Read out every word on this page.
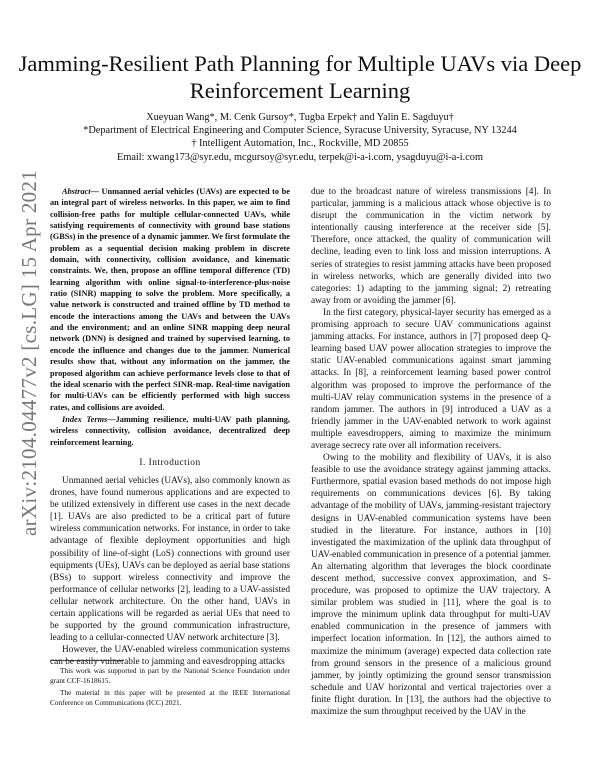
Jamming-Resilient Path Planning for Multiple UAVs via Deep Reinforcement Learning
Xueyuan Wang*, M. Cenk Gursoy*, Tugba Erpek† and Yalin E. Sagduyu†
*Department of Electrical Engineering and Computer Science, Syracuse University, Syracuse, NY 13244
† Intelligent Automation, Inc., Rockville, MD 20855
Email: xwang173@syr.edu, mcgursoy@syr.edu, terpek@i-a-i.com, ysagduyu@i-a-i.com
arXiv:2104.04477v2 [cs.LG] 15 Apr 2021	Abstract— Unmanned aerial vehicles (UAVs) are expected to be an integral part of wireless networks. In this paper, we aim to find collision-free paths for multiple cellular-connected UAVs, while satisfying requirements of connectivity with ground base stations (GBSs) in the presence of a dynamic jammer. We first formulate the problem as a sequential decision making problem in discrete domain, with connectivity, collision avoidance, and kinematic constraints. We, then, propose an offline temporal difference (TD) learning algorithm with online signal-to-interference-plus-noise ratio (SINR) mapping to solve the problem. More specifically, a value network is constructed and trained offline by TD method to encode the interactions among the UAVs and between the UAVs and the environment; and an online SINR mapping deep neural network (DNN) is designed and trained by supervised learning, to encode the influence and changes due to the jammer. Numerical results show that, without any information on the jammer, the proposed algorithm can achieve performance levels close to that of the ideal scenario with the perfect SINR-map. Real-time navigation for multi-UAVs can be efficiently performed with high success rates, and collisions are avoided.

Index Terms—Jamming resilience, multi-UAV path planning, wireless connectivity, collision avoidance, decentralized deep reinforcement learning.

I. Introduction

Unmanned aerial vehicles (UAVs), also commonly known as drones, have found numerous applications and are expected to be utilized extensively in different use cases in the next decade [1]. UAVs are also predicted to be a critical part of future wireless communication networks. For instance, in order to take advantage of flexible deployment opportunities and high possibility of line-of-sight (LoS) connections with ground user equipments (UEs), UAVs can be deployed as aerial base stations (BSs) to support wireless connectivity and improve the performance of cellular networks [2], leading to a UAV-assisted cellular network architecture. On the other hand, UAVs in certain applications will be regarded as aerial UEs that need to be supported by the ground communication infrastructure, leading to a cellular-connected UAV network architecture [3].

However, the UAV-enabled wireless communication systems can be easily vulnerable to jamming and eavesdropping attacks

This work was supported in part by the National Science Foundation under grant CCF-1618615.
The material in this paper will be presented at the IEEE International Conference on Communications (ICC) 2021.

due to the broadcast nature of wireless transmissions [4]. In particular, jamming is a malicious attack whose objective is to disrupt the communication in the victim network by intentionally causing interference at the receiver side [5]. Therefore, once attacked, the quality of communication will decline, leading even to link loss and mission interruptions. A series of strategies to resist jamming attacks have been proposed in wireless networks, which are generally divided into two categories: 1) adapting to the jamming signal; 2) retreating away from or avoiding the jammer [6].

In the first category, physical-layer security has emerged as a promising approach to secure UAV communications against jamming attacks. For instance, authors in [7] proposed deep Q-learning based UAV power allocation strategies to improve the static UAV-enabled communications against smart jamming attacks. In [8], a reinforcement learning based power control algorithm was proposed to improve the performance of the multi-UAV relay communication systems in the presence of a random jammer. The authors in [9] introduced a UAV as a friendly jammer in the UAV-enabled network to work against multiple eavesdroppers, aiming to maximize the minimum average secrecy rate over all information receivers.

Owing to the mobility and flexibility of UAVs, it is also feasible to use the avoidance strategy against jamming attacks. Furthermore, spatial evasion based methods do not impose high requirements on communications devices [6]. By taking advantage of the mobility of UAVs, jamming-resistant trajectory designs in UAV-enabled communication systems have been studied in the literature. For instance, authors in [10] investigated the maximization of the uplink data throughput of UAV-enabled communication in presence of a potential jammer. An alternating algorithm that leverages the block coordinate descent method, successive convex approximation, and S-procedure, was proposed to optimize the UAV trajectory. A similar problem was studied in [11], where the goal is to improve the minimum uplink data throughput for multi-UAV enabled communication in the presence of jammers with imperfect location information. In [12], the authors aimed to maximize the minimum (average) expected data collection rate from ground sensors in the presence of a malicious ground jammer, by jointly optimizing the ground sensor transmission schedule and UAV horizontal and vertical trajectories over a finite flight duration. In [13], the authors had the objective to maximize the sum throughput received by the UAV in the
